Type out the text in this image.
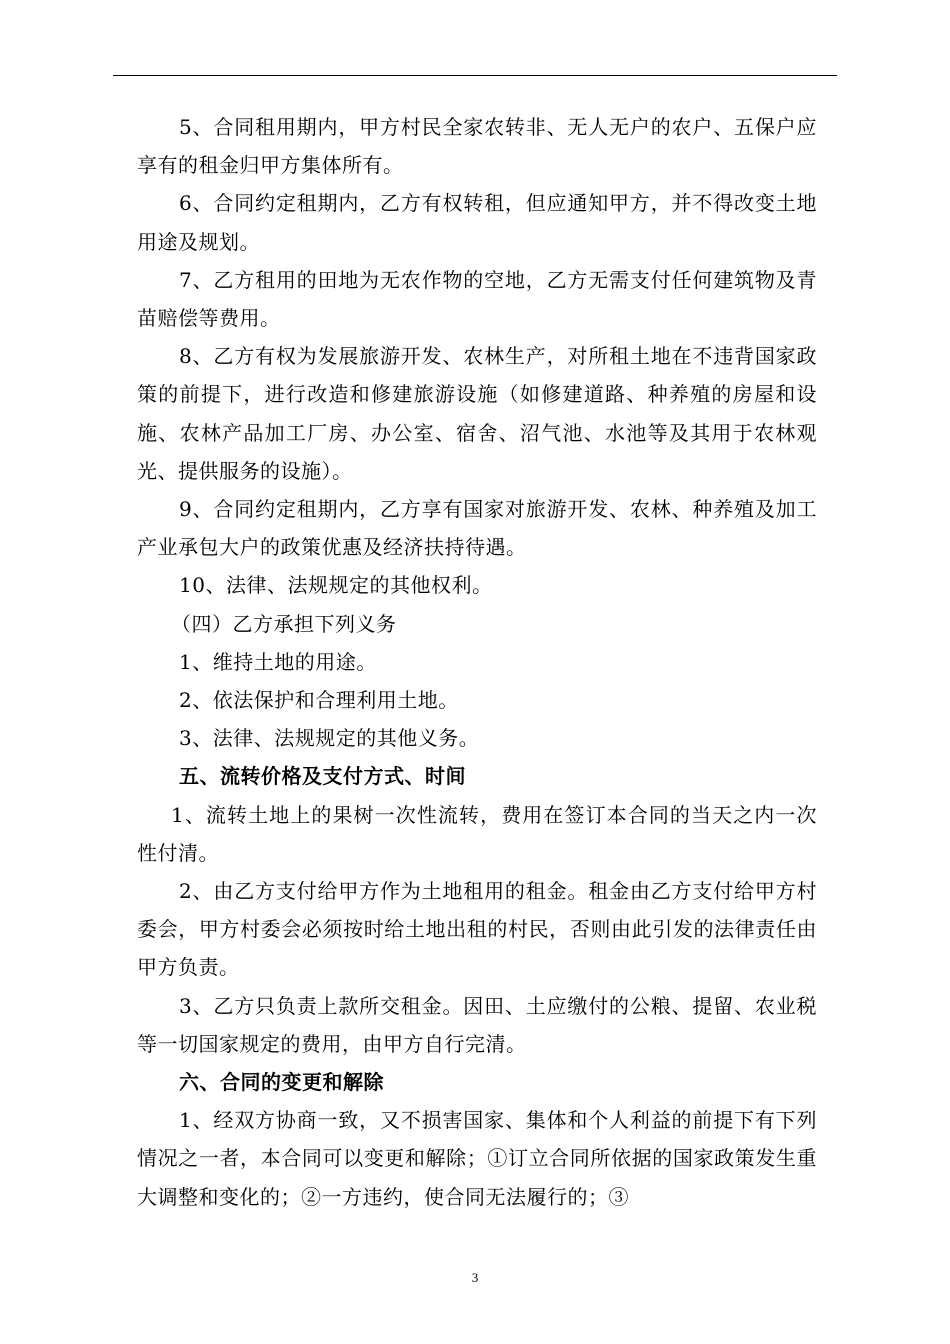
5、合同租用期内，甲方村民全家农转非、无人无户的农户、五保户应享有的租金归甲方集体所有。

6、合同约定租期内，乙方有权转租，但应通知甲方，并不得改变土地用途及规划。

7、乙方租用的田地为无农作物的空地，乙方无需支付任何建筑物及青苗赔偿等费用。

8、乙方有权为发展旅游开发、农林生产，对所租土地在不违背国家政策的前提下，进行改造和修建旅游设施（如修建道路、种养殖的房屋和设施、农林产品加工厂房、办公室、宿舍、沼气池、水池等及其用于农林观光、提供服务的设施）。

9、合同约定租期内，乙方享有国家对旅游开发、农林、种养殖及加工产业承包大户的政策优惠及经济扶持待遇。

10、法律、法规规定的其他权利。

（四）乙方承担下列义务

1、维持土地的用途。

2、依法保护和合理利用土地。

3、法律、法规规定的其他义务。

五、流转价格及支付方式、时间

1、流转土地上的果树一次性流转，费用在签订本合同的当天之内一次性付清。

2、由乙方支付给甲方作为土地租用的租金。租金由乙方支付给甲方村委会，甲方村委会必须按时给土地出租的村民，否则由此引发的法律责任由甲方负责。

3、乙方只负责上款所交租金。因田、土应缴付的公粮、提留、农业税等一切国家规定的费用，由甲方自行完清。

六、合同的变更和解除

1、经双方协商一致，又不损害国家、集体和个人利益的前提下有下列情况之一者，本合同可以变更和解除；①订立合同所依据的国家政策发生重大调整和变化的；②一方违约，使合同无法履行的；③

3
